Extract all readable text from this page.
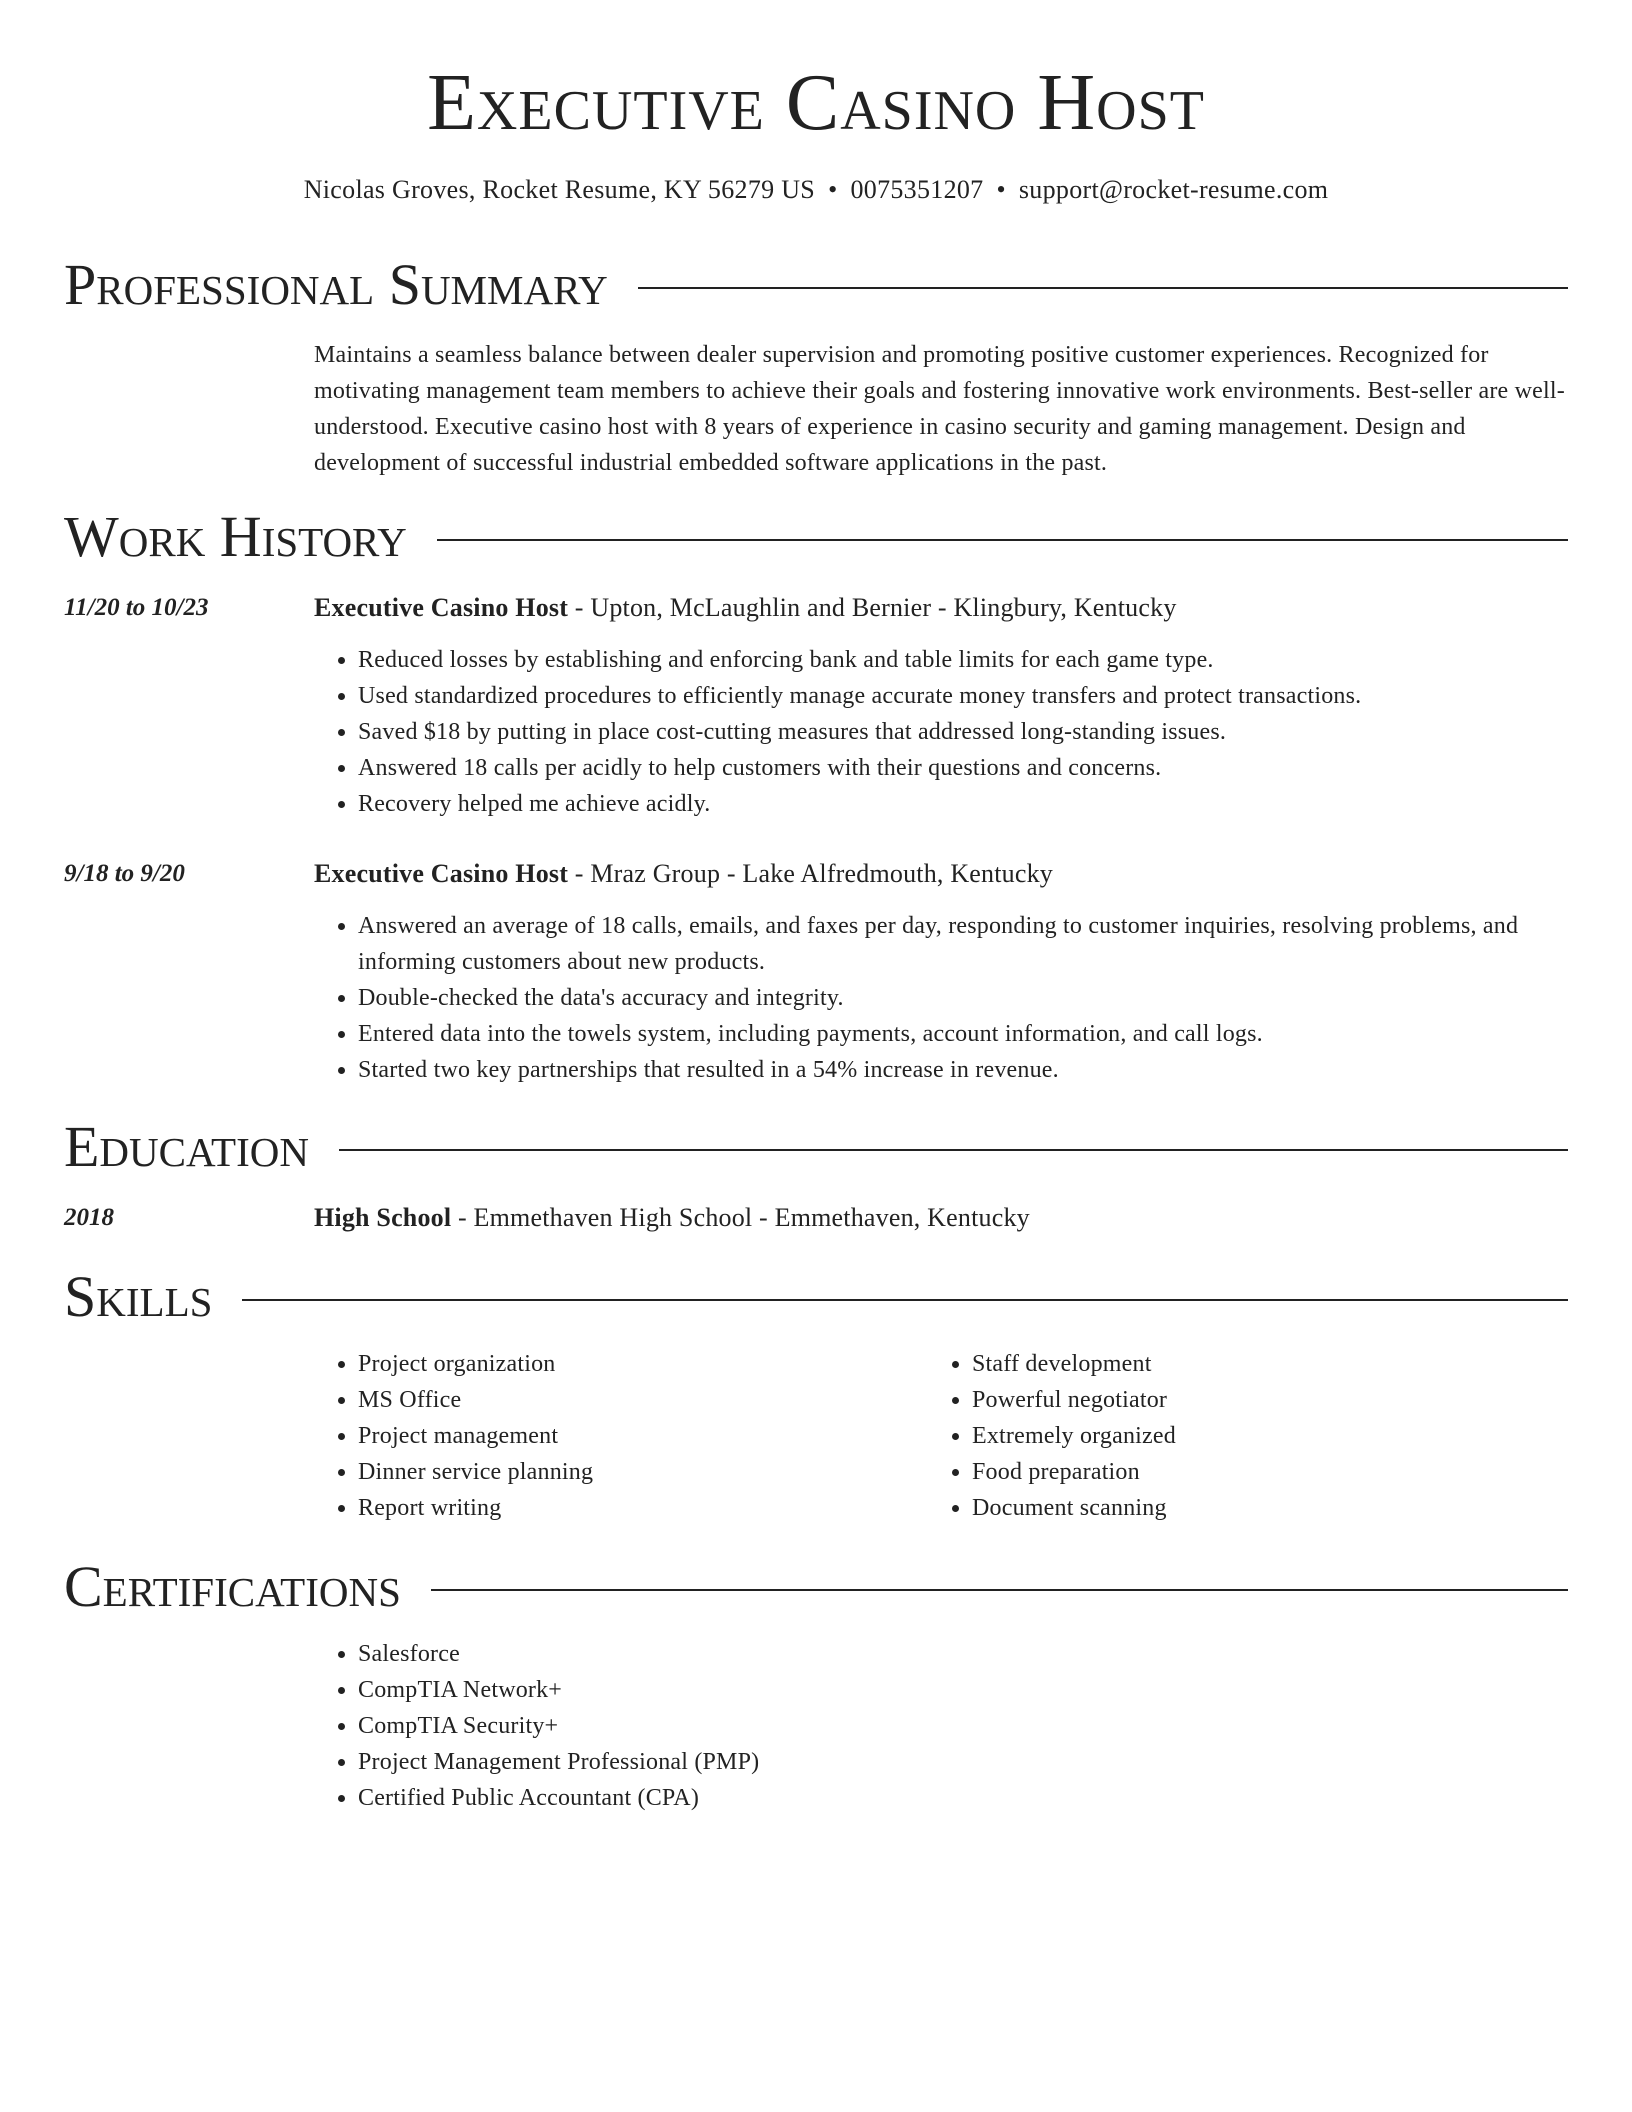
Executive Casino Host
Nicolas Groves, Rocket Resume, KY 56279 US • 0075351207 • support@rocket-resume.com
Professional Summary
Maintains a seamless balance between dealer supervision and promoting positive customer experiences. Recognized for motivating management team members to achieve their goals and fostering innovative work environments. Best-seller are well-understood. Executive casino host with 8 years of experience in casino security and gaming management. Design and development of successful industrial embedded software applications in the past.
Work History
11/20 to 10/23	Executive Casino Host - Upton, McLaughlin and Bernier - Klingbury, Kentucky
• Reduced losses by establishing and enforcing bank and table limits for each game type.
• Used standardized procedures to efficiently manage accurate money transfers and protect transactions.
• Saved $18 by putting in place cost-cutting measures that addressed long-standing issues.
• Answered 18 calls per acidly to help customers with their questions and concerns.
• Recovery helped me achieve acidly.
9/18 to 9/20	Executive Casino Host - Mraz Group - Lake Alfredmouth, Kentucky
• Answered an average of 18 calls, emails, and faxes per day, responding to customer inquiries, resolving problems, and informing customers about new products.
• Double-checked the data's accuracy and integrity.
• Entered data into the towels system, including payments, account information, and call logs.
• Started two key partnerships that resulted in a 54% increase in revenue.
Education
2018	High School - Emmethaven High School - Emmethaven, Kentucky
Skills
• Project organization
• MS Office
• Project management
• Dinner service planning
• Report writing
• Staff development
• Powerful negotiator
• Extremely organized
• Food preparation
• Document scanning
Certifications
• Salesforce
• CompTIA Network+
• CompTIA Security+
• Project Management Professional (PMP)
• Certified Public Accountant (CPA)
